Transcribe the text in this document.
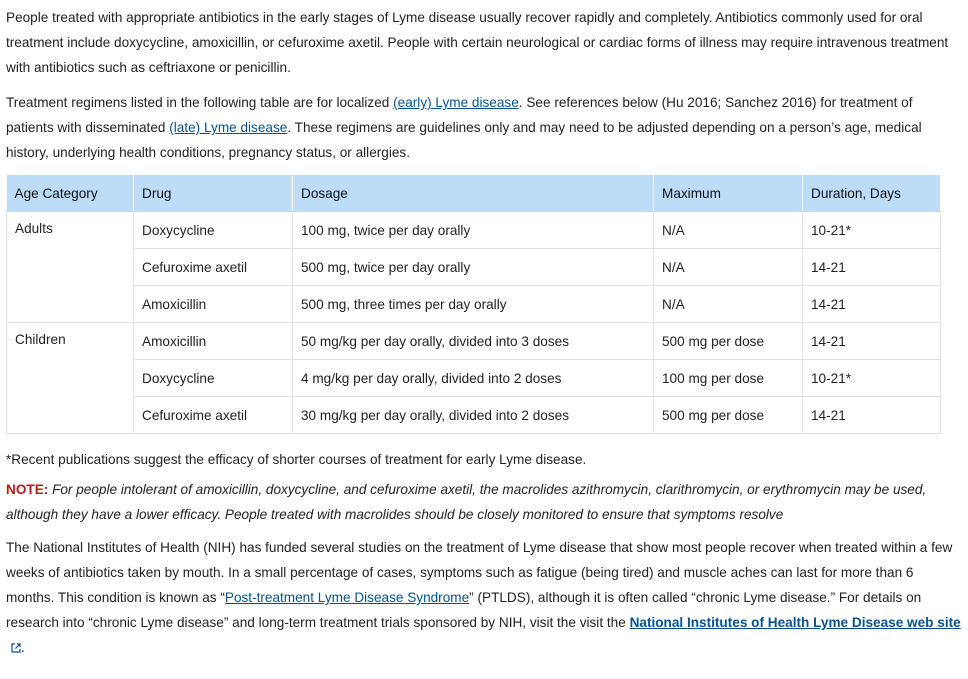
People treated with appropriate antibiotics in the early stages of Lyme disease usually recover rapidly and completely. Antibiotics commonly used for oral treatment include doxycycline, amoxicillin, or cefuroxime axetil. People with certain neurological or cardiac forms of illness may require intravenous treatment with antibiotics such as ceftriaxone or penicillin.

Treatment regimens listed in the following table are for localized (early) Lyme disease. See references below (Hu 2016; Sanchez 2016) for treatment of patients with disseminated (late) Lyme disease. These regimens are guidelines only and may need to be adjusted depending on a person’s age, medical history, underlying health conditions, pregnancy status, or allergies.

Age Category	Drug	Dosage	Maximum	Duration, Days
Adults	Doxycycline	100 mg, twice per day orally	N/A	10-21*
	Cefuroxime axetil	500 mg, twice per day orally	N/A	14-21
	Amoxicillin	500 mg, three times per day orally	N/A	14-21
Children	Amoxicillin	50 mg/kg per day orally, divided into 3 doses	500 mg per dose	14-21
	Doxycycline	4 mg/kg per day orally, divided into 2 doses	100 mg per dose	10-21*
	Cefuroxime axetil	30 mg/kg per day orally, divided into 2 doses	500 mg per dose	14-21

*Recent publications suggest the efficacy of shorter courses of treatment for early Lyme disease.

NOTE: For people intolerant of amoxicillin, doxycycline, and cefuroxime axetil, the macrolides azithromycin, clarithromycin, or erythromycin may be used, although they have a lower efficacy. People treated with macrolides should be closely monitored to ensure that symptoms resolve

The National Institutes of Health (NIH) has funded several studies on the treatment of Lyme disease that show most people recover when treated within a few weeks of antibiotics taken by mouth. In a small percentage of cases, symptoms such as fatigue (being tired) and muscle aches can last for more than 6 months. This condition is known as “Post-treatment Lyme Disease Syndrome” (PTLDS), although it is often called “chronic Lyme disease.” For details on research into “chronic Lyme disease” and long-term treatment trials sponsored by NIH, visit the visit the National Institutes of Health Lyme Disease web site.
